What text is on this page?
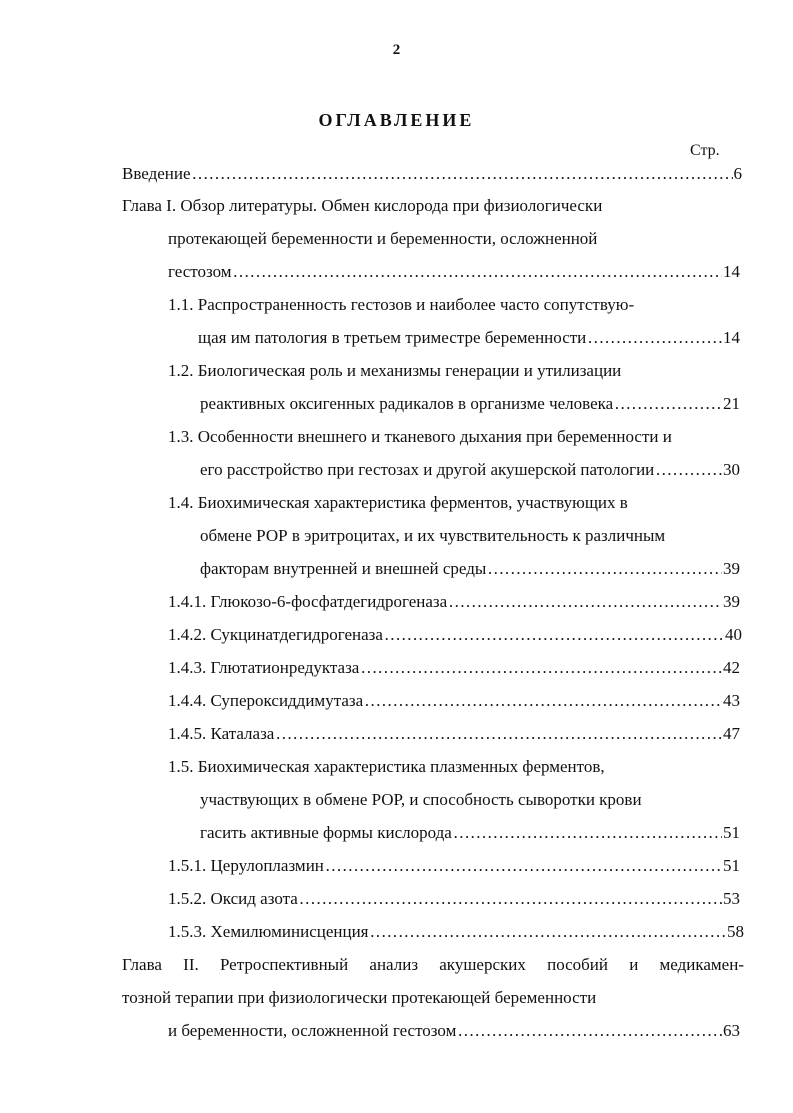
2
ОГЛАВЛЕНИЕ
Стр.
Введение ……………………………………………………………………………………………………………………………………………………	6
Глава I. Обзор литературы. Обмен кислорода при физиологически
протекающей беременности и беременности, осложненной
гестозом ……………………………………………………………………………………………………………………………………………………	14
1.1. Распространенность гестозов и наиболее часто сопутствую-
щая им патология в третьем триместре беременности ……………………………………………………………………………………………………………………………………………………	14
1.2. Биологическая роль и механизмы генерации и утилизации
реактивных оксигенных радикалов в организме человека ……………………………………………………………………………………………………………………………………………………	21
1.3. Особенности внешнего и тканевого дыхания при беременности и
его расстройство при гестозах и другой акушерской патологии ……………………………………………………………………………………………………………………………………………………	30
1.4. Биохимическая характеристика ферментов, участвующих в
обмене РОР в эритроцитах, и их чувствительность к различным
факторам внутренней и внешней среды ……………………………………………………………………………………………………………………………………………………	39
1.4.1. Глюкозо-6-фосфатдегидрогеназа ……………………………………………………………………………………………………………………………………………………	39
1.4.2. Сукцинатдегидрогеназа ……………………………………………………………………………………………………………………………………………………	40
1.4.3. Глютатионредуктаза ……………………………………………………………………………………………………………………………………………………	42
1.4.4. Супероксиддимутаза ……………………………………………………………………………………………………………………………………………………	43
1.4.5. Каталаза ……………………………………………………………………………………………………………………………………………………	47
1.5. Биохимическая характеристика плазменных ферментов,
участвующих в обмене РОР, и способность сыворотки крови
гасить активные формы кислорода ……………………………………………………………………………………………………………………………………………………	51
1.5.1. Церулоплазмин ……………………………………………………………………………………………………………………………………………………	51
1.5.2. Оксид азота ……………………………………………………………………………………………………………………………………………………	53
1.5.3. Хемилюминисценция ……………………………………………………………………………………………………………………………………………………	58
Глава II. Ретроспективный анализ акушерских пособий и медикамен-
тозной терапии при физиологически протекающей беременности
и беременности, осложненной гестозом ……………………………………………………………………………………………………………………………………………………	63
